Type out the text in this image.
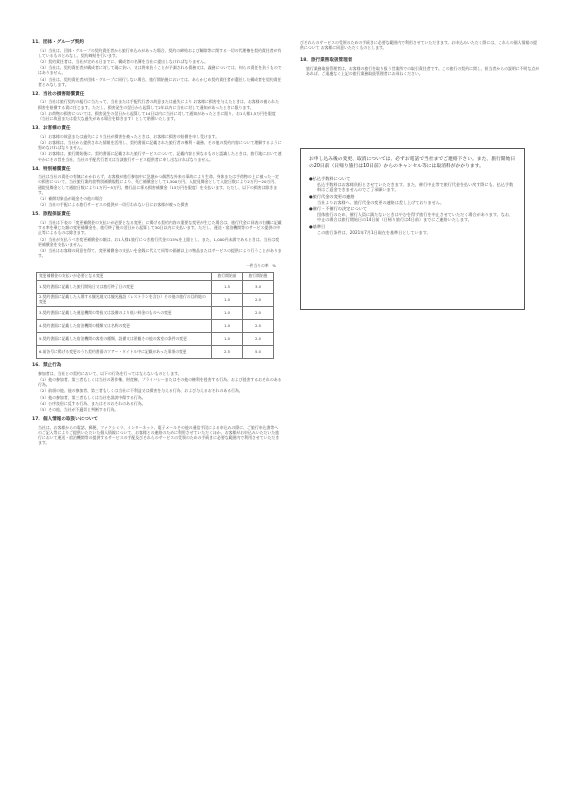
11．団体・グループ契約

（1）当社は、団体・グループの契約責任者から旅行申込みがあった場合、契約の締結および解除等に関する一切の代理権を契約責任者が有しているものとみなし、契約締結を行います。

（2）契約責任者は、当社が定める日までに、構成者の名簿を当社に提出しなければなりません。

（3）当社は、契約責任者が構成者に対して現に負い、又は将来負うことが予測される債務又は、義務については、何らの責任を負うものではありません。

（4）当社は、契約責任者が団体・グループに同行しない場合、旅行開始後においては、あらかじめ契約責任者が選任した構成者を契約責任者とみなします。

12．当社の損害賠償責任

（1）当社は旅行契約の履行に当たって、当社または手配代行者の故意または過失により お客様に損害を与えたときは、お客様の被られた損害を賠償する責に任じます。ただし、損害発生の翌日から起算して2年以内に当社に対して通知があったときに限ります。

（2）お荷物の損害については、損害発生の翌日から起算して14日以内に当社に対して通知があったときに限り、お1人様1,5万円を限度（当社に故意または重大な過失がある場合を除きます）として賠償いたします。

13．お客様の責任

（1）お客様の故意または過失により当社が損害を被ったときは、お客様に損害の賠償を申し受けます。

（2）お客様は、当社から提供された情報を活用し、契約書面に記載された旅行者の権利・義務、その他の契約内容について理解するように努めなければなりません。

（3）お客様は、旅行開始後に、契約書面に記載された旅行サービスについて、記載内容と異なるものと認識したときは、旅行地において速やかにその旨を当社、当社の手配代行者又は当該旅行サービス提供者に申し出なければなりません。

14．特別補償責任

当社は当社の責任の有無にかかわらず、お客様が旅行参加中に急激かつ偶然な外来の事故により生命、身体または手荷物の上に被った一定の損害について、当社旅行業約款特別補償規程により、死亡補償金として1,500万円、入院見舞金として入院日数により2万円〜20万円、通院見舞金として通院日数により1万円〜5万円、携行品に係る損害補償金（15万円を限度）を支払います。ただし、以下の損害は除きます。

（1）補償対象品が現金その他の場合

（2）当社の手配による旅行サービスの提供が一切行われない日にお客様が被った損害

15．旅程保証責任

（1）当社は下表の「変更補償金の支払いが必要となる変更」に掲げる契約内容の重要な変更が生じた場合は、旅行代金に同表の右欄に記載する率を乗じた額の変更補償金を、旅行終了後の翌日から起算して30日以内に支払います。ただし、運送・宿泊機関等のサービス提供の中止等によるものは除きます。

（2）当社が支払うべき変更補償金の額は、お1人様1旅行につき旅行代金の15%を上限とし、また、1,000円未満であるときは、当社は変更補償金を支払いません。

（3）当社はお客様の同意を得て、変更補償金の支払いを金銭に代えて同等の価値以上の物品またはサービスの提供により行うことがあります。

一件当りの率　%
変更補償金の支払いが必要となる変更	旅行開始前	旅行開始後
1.契約書面に記載した旅行開始日又は旅行終了日の変更	1.5	3.0
2.契約書面に記載した入場する観光地又は観光施設（レストランを含む）その他の旅行の目的地の変更	1.0	2.0
3.契約書面に記載した運送機関の等級又は設備のより低い料金のものへの変更	1.0	2.0
4.契約書面に記載した宿泊機関の種類又は名称の変更	1.0	2.0
5.契約書面に記載した宿泊機関の客室の種類、設備又は景観その他の客室の条件の変更	1.0	2.0
6.前各号に掲げる変更のうち契約書面のツアー・タイトル中に記載があった事項の変更	2.5	5.0
16．禁止行為

参加者は、当社との契約において、以下の行為を行ってはならないものとします。

（1）他の参加者、第三者もしくは当社の著作権、財産権、プライバシーまたはその他の権利を侵害する行為、および侵害するおそれのある行為。

（2）前項の他、他の参加者、第三者もしくは当社に不利益又は損害を与える行為、および与えるおそれのある行為。

（3）他の参加者、第三者もしくは当社を誹謗中傷する行為。

（4）公序良俗に反する行為、またはそのおそれのある行為。

（5）その他、当社が不適切と判断する行為。

17．個人情報の取扱いについて

当社は、お客様からの電話、郵便、ファクシミリ、インターネット、電子メールその他の通信手段による申込みの際に、ご旅行申込書等へのご記入等によりご提供いただいた個人情報について、お客様との連絡のために利用させていただくほか、お客様がお申込みいただいた旅行において運送・宿泊機関等の提供するサービスの手配及びそれらのサービスの受領のための手続きに必要な範囲内で利用させていただきます。

びそれらのサービスの受領のための手続きに必要な範囲内で利用させていただきます。お申込みいただく際には、これらの個人情報の提供について お客様に同意いただくものとします。

18．旅行業務取扱管理者

旅行業務取扱管理者は、お客様の旅行を取り扱う営業所での取引責任者です。この旅行の契約に関し、担当者からの説明に不明な点があれば、ご遠慮なく上記の旅行業務取扱管理者にお尋ねください。

お申し込み後の変更、取消については、必ずお電話で当社までご連絡下さい。また、旅行開始日の20日前（日帰り旅行は10日前）からのキャンセル等には取消料がかかります。

●払込手数料について

払込手数料はお客様負担とさせていただきます。また、催行中止等で旅行代金を払い戻す際にも、払込手数料はご返金できませんのでご了承願います。

●旅行代金の変更の連絡

当社よりお客様へ、旅行代金の変更の連絡は差し上げておりません。

●催行・不催行の決定について

団体旅行のため、催行人員に満たないときはやむを得ず旅行を中止させていただく場合があります。なお、中止の場合は旅行開始日の14日前（日帰り旅行は4日前）までにご連絡いたします。

●基準日

この旅行条件は、2021年7月1日現在を基準日としています。
